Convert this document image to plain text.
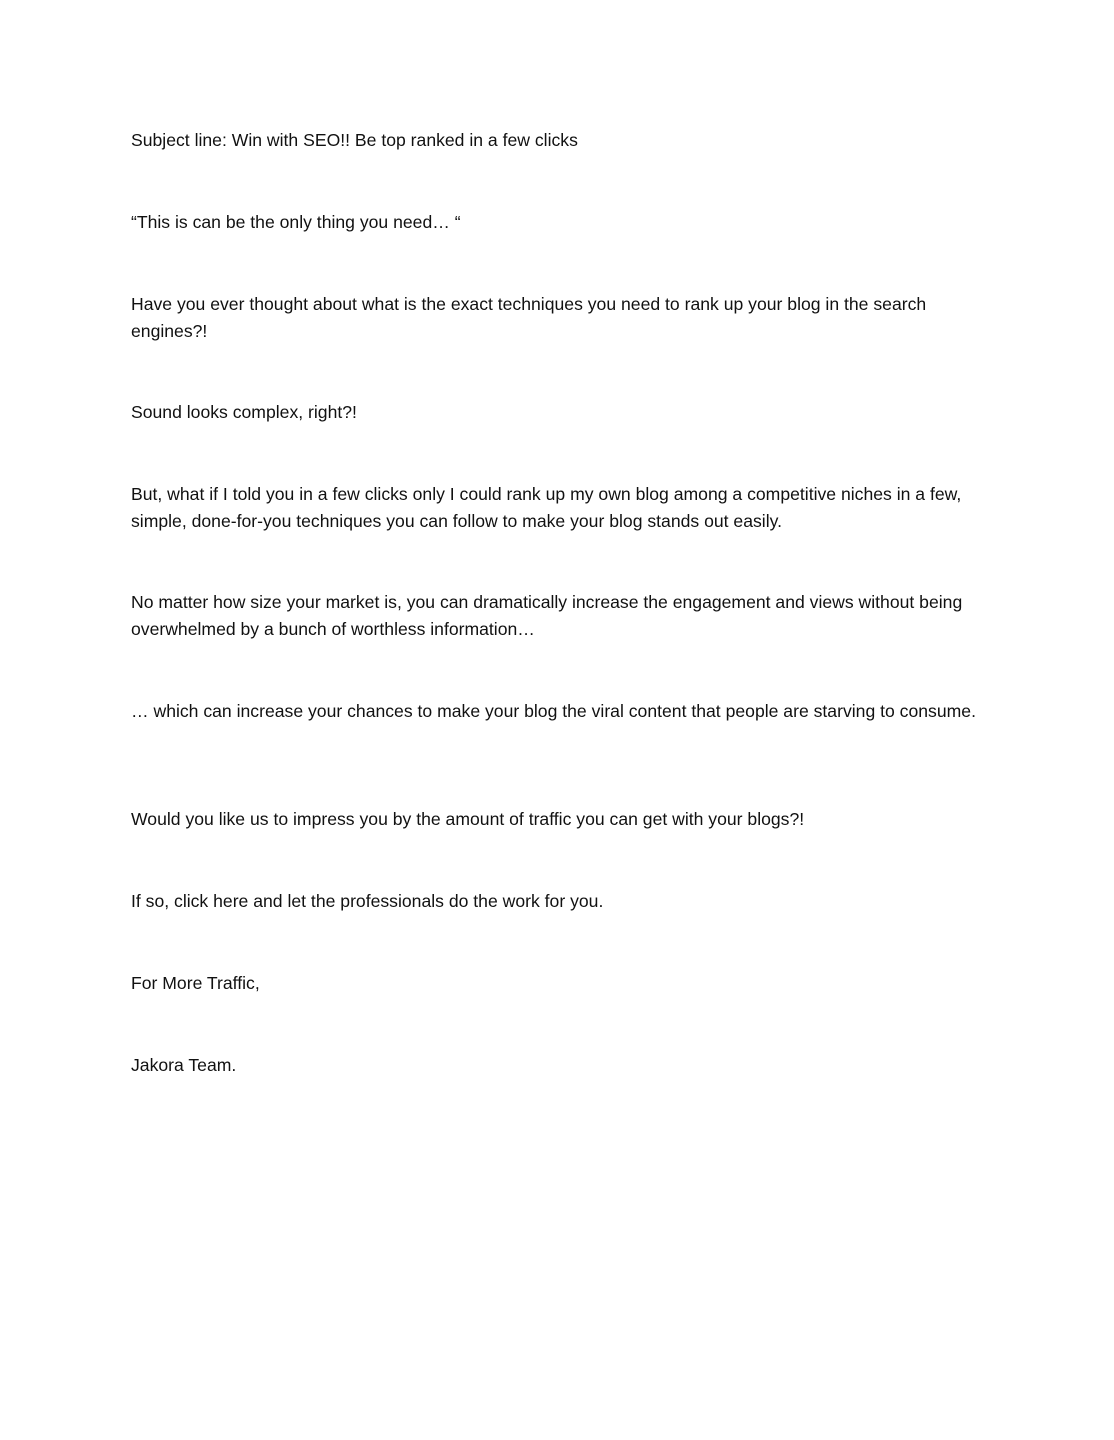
Subject line: Win with SEO!! Be top ranked in a few clicks

“This is can be the only thing you need… “

Have you ever thought about what is the exact techniques you need to rank up your blog in the search engines?!

Sound looks complex, right?!

But, what if I told you in a few clicks only I could rank up my own blog among a competitive niches in a few, simple, done-for-you techniques you can follow to make your blog stands out easily.

No matter how size your market is, you can dramatically increase the engagement and views without being overwhelmed by a bunch of worthless information…

… which can increase your chances to make your blog the viral content that people are starving to consume.

Would you like us to impress you by the amount of traffic you can get with your blogs?!

If so, click here and let the professionals do the work for you.

For More Traffic,

Jakora Team.
